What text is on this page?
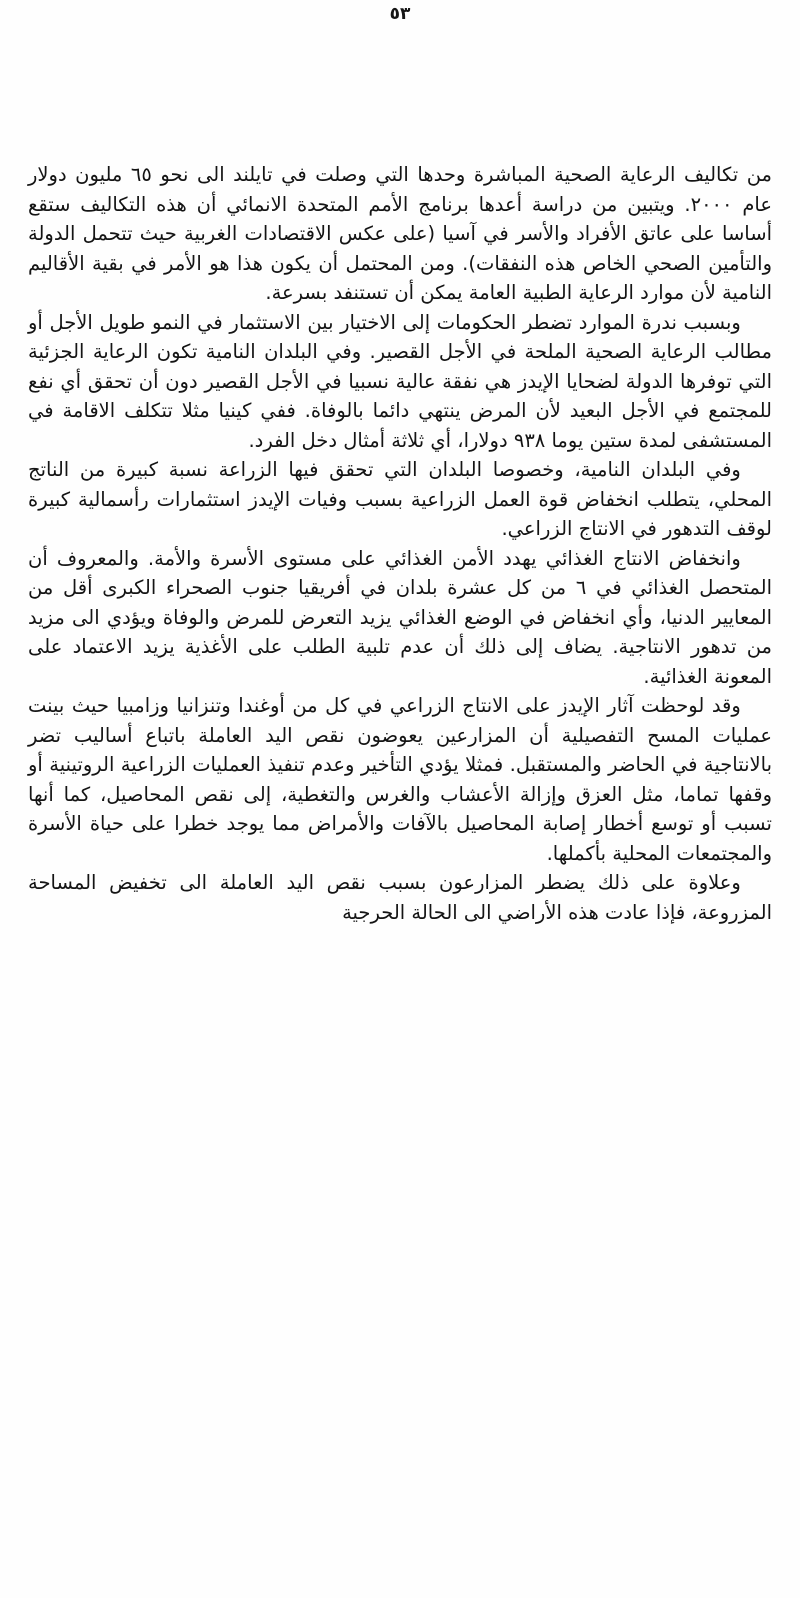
٥٣

من تكاليف الرعاية الصحية المباشرة وحدها التي وصلت في تايلند الى نحو ٦٥ مليون دولار عام ٢٠٠٠. ويتبين من دراسة أعدها برنامج الأمم المتحدة الانمائي أن هذه التكاليف ستقع أساسا على عاتق الأفراد والأسر في آسيا (على عكس الاقتصادات الغربية حيث تتحمل الدولة والتأمين الصحي الخاص هذه النفقات). ومن المحتمل أن يكون هذا هو الأمر في بقية الأقاليم النامية لأن موارد الرعاية الطبية العامة يمكن أن تستنفد بسرعة.

وبسبب ندرة الموارد تضطر الحكومات إلى الاختيار بين الاستثمار في النمو طويل الأجل أو مطالب الرعاية الصحية الملحة في الأجل القصير. وفي البلدان النامية تكون الرعاية الجزئية التي توفرها الدولة لضحايا الإيدز هي نفقة عالية نسبيا في الأجل القصير دون أن تحقق أي نفع للمجتمع في الأجل البعيد لأن المرض ينتهي دائما بالوفاة. ففي كينيا مثلا تتكلف الاقامة في المستشفى لمدة ستين يوما ٩٣٨ دولارا، أي ثلاثة أمثال دخل الفرد.

وفي البلدان النامية، وخصوصا البلدان التي تحقق فيها الزراعة نسبة كبيرة من الناتج المحلي، يتطلب انخفاض قوة العمل الزراعية بسبب وفيات الإيدز استثمارات رأسمالية كبيرة لوقف التدهور في الانتاج الزراعي.

وانخفاض الانتاج الغذائي يهدد الأمن الغذائي على مستوى الأسرة والأمة. والمعروف أن المتحصل الغذائي في ٦ من كل عشرة بلدان في أفريقيا جنوب الصحراء الكبرى أقل من المعايير الدنيا، وأي انخفاض في الوضع الغذائي يزيد التعرض للمرض والوفاة ويؤدي الى مزيد من تدهور الانتاجية. يضاف إلى ذلك أن عدم تلبية الطلب على الأغذية يزيد الاعتماد على المعونة الغذائية.

وقد لوحظت آثار الإيدز على الانتاج الزراعي في كل من أوغندا وتنزانيا وزامبيا حيث بينت عمليات المسح التفصيلية أن المزارعين يعوضون نقص اليد العاملة باتباع أساليب تضر بالانتاجية في الحاضر والمستقبل. فمثلا يؤدي التأخير وعدم تنفيذ العمليات الزراعية الروتينية أو وقفها تماما، مثل العزق وإزالة الأعشاب والغرس والتغطية، إلى نقص المحاصيل، كما أنها تسبب أو توسع أخطار إصابة المحاصيل بالآفات والأمراض مما يوجد خطرا على حياة الأسرة والمجتمعات المحلية بأكملها.

وعلاوة على ذلك يضطر المزارعون بسبب نقص اليد العاملة الى تخفيض المساحة المزروعة، فإذا عادت هذه الأراضي الى الحالة الحرجية
